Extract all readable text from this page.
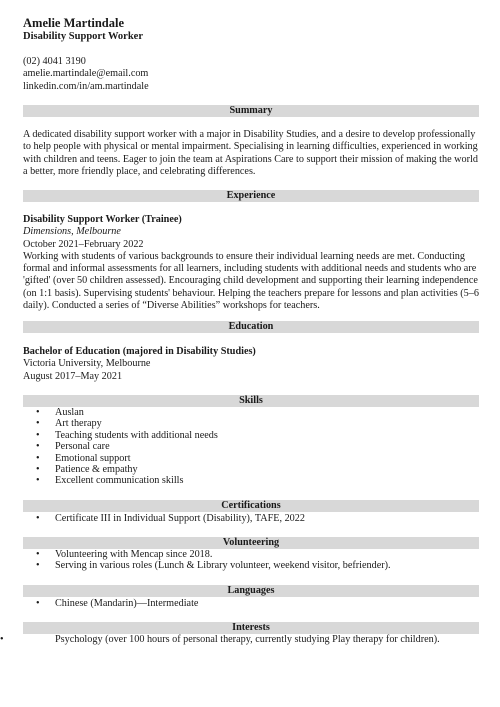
Amelie Martindale
Disability Support Worker
(02) 4041 3190
amelie.martindale@email.com
linkedin.com/in/am.martindale
Summary
A dedicated disability support worker with a major in Disability Studies, and a desire to develop professionally to help people with physical or mental impairment. Specialising in learning difficulties, experienced in working with children and teens. Eager to join the team at Aspirations Care to support their mission of making the world a better, more friendly place, and celebrating differences.
Experience
Disability Support Worker (Trainee)
Dimensions, Melbourne
October 2021–February 2022
Working with students of various backgrounds to ensure their individual learning needs are met. Conducting formal and informal assessments for all learners, including students with additional needs and students who are 'gifted' (over 50 children assessed). Encouraging child development and supporting their learning independence (on 1:1 basis). Supervising students' behaviour. Helping the teachers prepare for lessons and plan activities (5–6 daily). Conducted a series of “Diverse Abilities” workshops for teachers.
Education
Bachelor of Education (majored in Disability Studies)
Victoria University, Melbourne
August 2017–May 2021
Skills
• Auslan
• Art therapy
• Teaching students with additional needs
• Personal care
• Emotional support
• Patience & empathy
• Excellent communication skills
Certifications
• Certificate III in Individual Support (Disability), TAFE, 2022
Volunteering
• Volunteering with Mencap since 2018.
• Serving in various roles (Lunch & Library volunteer, weekend visitor, befriender).
Languages
• Chinese (Mandarin)—Intermediate
Interests
• Psychology (over 100 hours of personal therapy, currently studying Play therapy for children).
